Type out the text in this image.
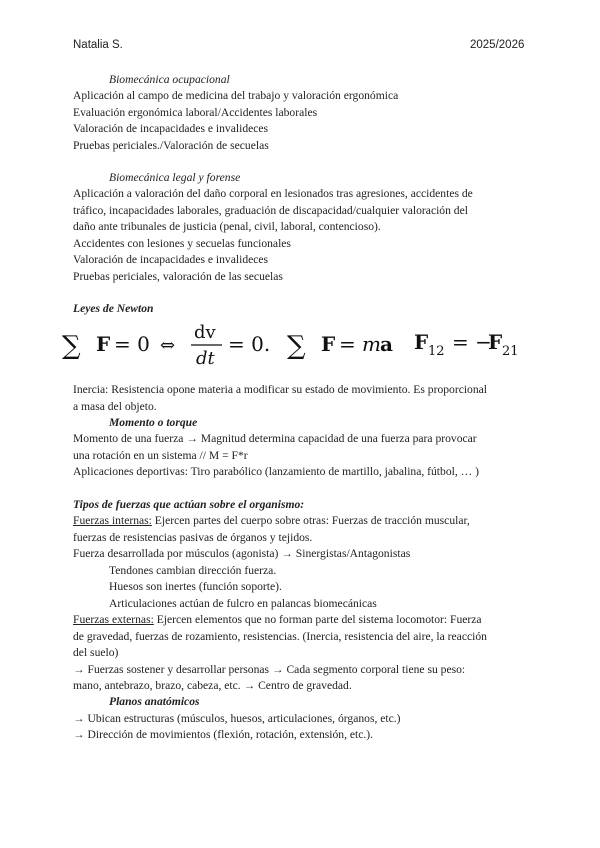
Natalia S.	2025/2026
Biomecánica ocupacional
Aplicación al campo de medicina del trabajo y valoración ergonómica
Evaluación ergonómica laboral/Accidentes laborales
Valoración de incapacidades e invalideces
Pruebas periciales./Valoración de secuelas
Biomecánica legal y forense
Aplicación a valoración del daño corporal en lesionados tras agresiones, accidentes de
tráfico, incapacidades laborales, graduación de discapacidad/cualquier valoración del
daño ante tribunales de justicia (penal, civil, laboral, contencioso).
Accidentes con lesiones y secuelas funcionales
Valoración de incapacidades e invalideces
Pruebas periciales, valoración de las secuelas
Leyes de Newton
∑ F = 0 ⇔
dv
dt
= 0. ∑ F = m a F 12 = −
F 21
Inercia: Resistencia opone materia a modificar su estado de movimiento. Es proporcional
a masa del objeto.
Momento o torque
Momento de una fuerza → Magnitud determina capacidad de una fuerza para provocar
una rotación en un sistema // M = F*r
Aplicaciones deportivas: Tiro parabólico (lanzamiento de martillo, jabalina, fútbol, … )
Tipos de fuerzas que actúan sobre el organismo:
Fuerzas internas: Ejercen partes del cuerpo sobre otras: Fuerzas de tracción muscular,
fuerzas de resistencias pasivas de órganos y tejidos.
Fuerza desarrollada por músculos (agonista) → Sinergistas/Antagonistas
Tendones cambian dirección fuerza.
Huesos son inertes (función soporte).
Articulaciones actúan de fulcro en palancas biomecánicas
Fuerzas externas: Ejercen elementos que no forman parte del sistema locomotor: Fuerza
de gravedad, fuerzas de rozamiento, resistencias. (Inercia, resistencia del aire, la reacción
del suelo)
→ Fuerzas sostener y desarrollar personas → Cada segmento corporal tiene su peso:
mano, antebrazo, brazo, cabeza, etc. → Centro de gravedad.
Planos anatómicos
→ Ubican estructuras (músculos, huesos, articulaciones, órganos, etc.)
→ Dirección de movimientos (flexión, rotación, extensión, etc.).
